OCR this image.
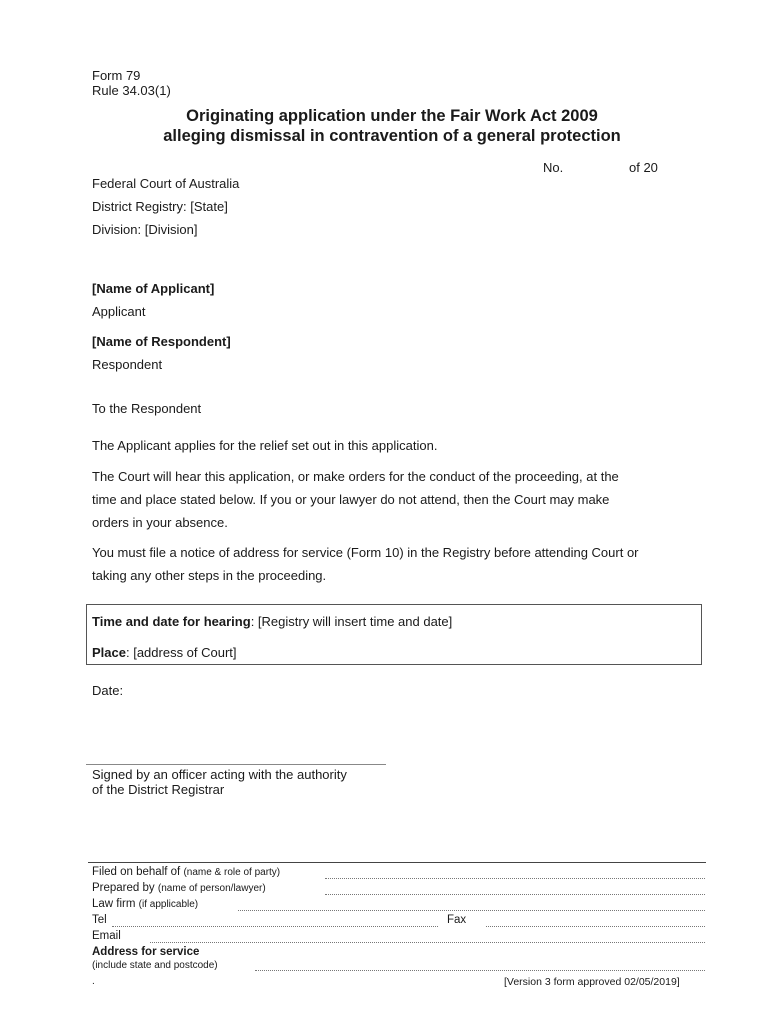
Form 79
Rule 34.03(1)
Originating application under the Fair Work Act 2009
alleging dismissal in contravention of a general protection
No.	of 20
Federal Court of Australia
District Registry: [State]
Division: [Division]
[Name of Applicant]
Applicant
[Name of Respondent]
Respondent
To the Respondent
The Applicant applies for the relief set out in this application.
The Court will hear this application, or make orders for the conduct of the proceeding, at the
time and place stated below. If you or your lawyer do not attend, then the Court may make
orders in your absence.
You must file a notice of address for service (Form 10) in the Registry before attending Court or
taking any other steps in the proceeding.
Time and date for hearing: [Registry will insert time and date]
Place: [address of Court]
Date:
Signed by an officer acting with the authority
of the District Registrar
Filed on behalf of (name & role of party)
Prepared by (name of person/lawyer)
Law firm (if applicable)
Tel	Fax
Email
Address for service
(include state and postcode)
.	[Version 3 form approved 02/05/2019]
